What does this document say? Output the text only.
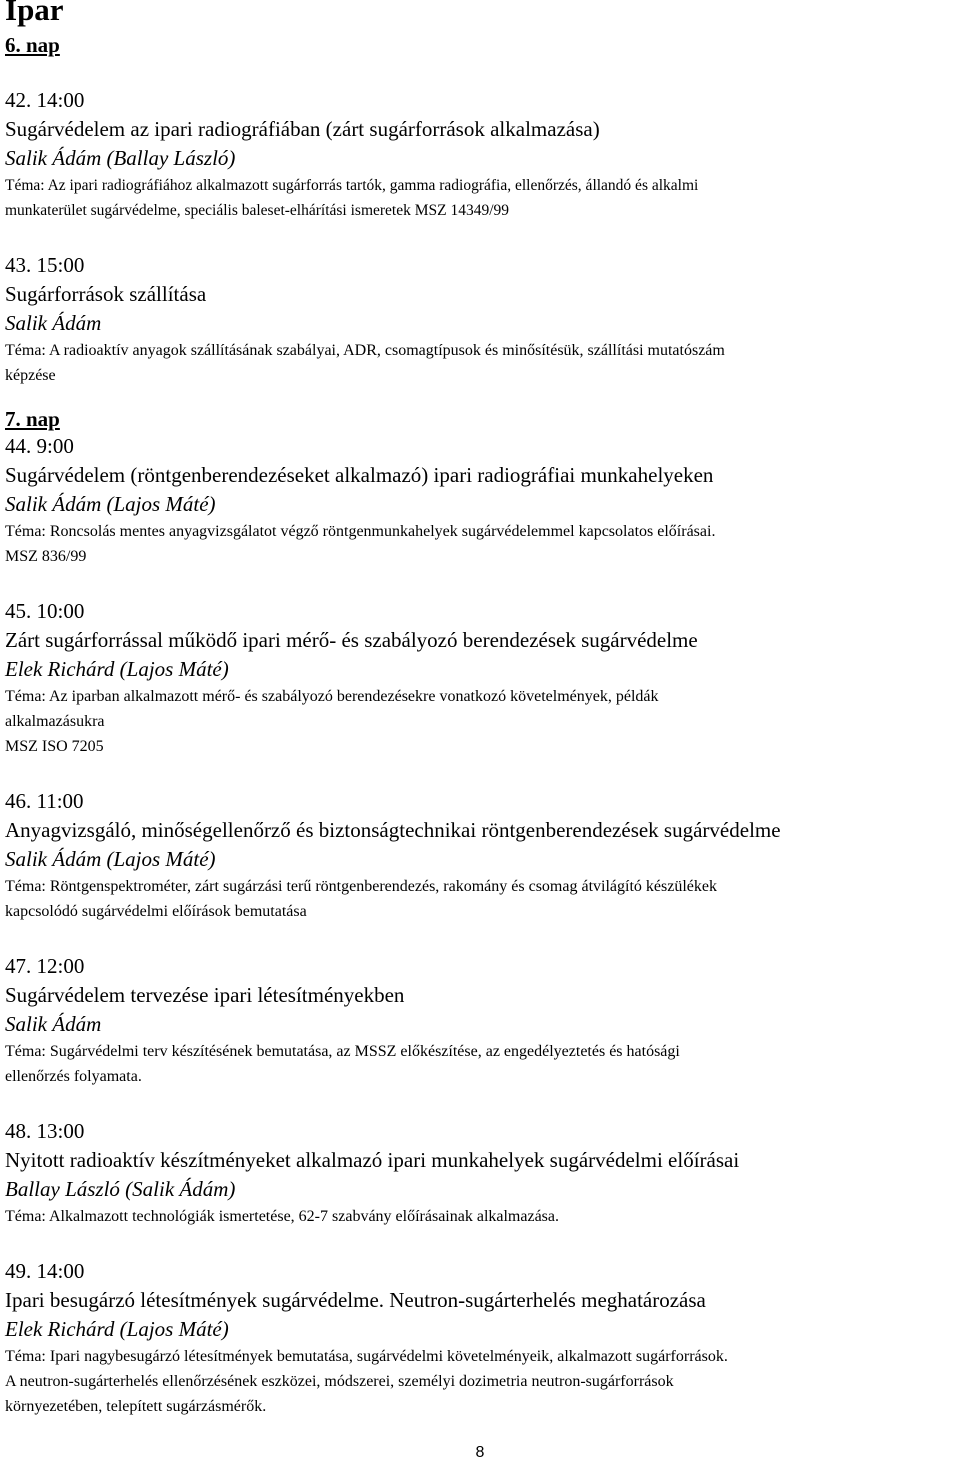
Ipar
6. nap
42. 14:00
Sugárvédelem az ipari radiográfiában (zárt sugárforrások alkalmazása)
Salik Ádám (Ballay László)
Téma: Az ipari radiográfiához alkalmazott sugárforrás tartók, gamma radiográfia, ellenőrzés, állandó és alkalmi
munkaterület sugárvédelme, speciális baleset-elhárítási ismeretek MSZ 14349/99
43. 15:00
Sugárforrások szállítása
Salik Ádám
Téma: A radioaktív anyagok szállításának szabályai, ADR, csomagtípusok és minősítésük, szállítási mutatószám
képzése
7. nap
44. 9:00
Sugárvédelem (röntgenberendezéseket alkalmazó) ipari radiográfiai munkahelyeken
Salik Ádám (Lajos Máté)
Téma: Roncsolás mentes anyagvizsgálatot végző röntgenmunkahelyek sugárvédelemmel kapcsolatos előírásai.
MSZ 836/99
45. 10:00
Zárt sugárforrással működő ipari mérő- és szabályozó berendezések sugárvédelme
Elek Richárd (Lajos Máté)
Téma: Az iparban alkalmazott mérő- és szabályozó berendezésekre vonatkozó követelmények, példák
alkalmazásukra
MSZ ISO 7205
46. 11:00
Anyagvizsgáló, minőségellenőrző és biztonságtechnikai röntgenberendezések sugárvédelme
Salik Ádám (Lajos Máté)
Téma: Röntgenspektrométer, zárt sugárzási terű röntgenberendezés, rakomány és csomag átvilágító készülékek
kapcsolódó sugárvédelmi előírások bemutatása
47. 12:00
Sugárvédelem tervezése ipari létesítményekben
Salik Ádám
Téma: Sugárvédelmi terv készítésének bemutatása, az MSSZ előkészítése, az engedélyeztetés és hatósági
ellenőrzés folyamata.
48. 13:00
Nyitott radioaktív készítményeket alkalmazó ipari munkahelyek sugárvédelmi előírásai
Ballay László (Salik Ádám)
Téma: Alkalmazott technológiák ismertetése, 62-7 szabvány előírásainak alkalmazása.
49. 14:00
Ipari besugárzó létesítmények sugárvédelme. Neutron-sugárterhelés meghatározása
Elek Richárd (Lajos Máté)
Téma: Ipari nagybesugárzó létesítmények bemutatása, sugárvédelmi követelményeik, alkalmazott sugárforrások.
A neutron-sugárterhelés ellenőrzésének eszközei, módszerei, személyi dozimetria neutron-sugárforrások
környezetében, telepített sugárzásmérők.
8
